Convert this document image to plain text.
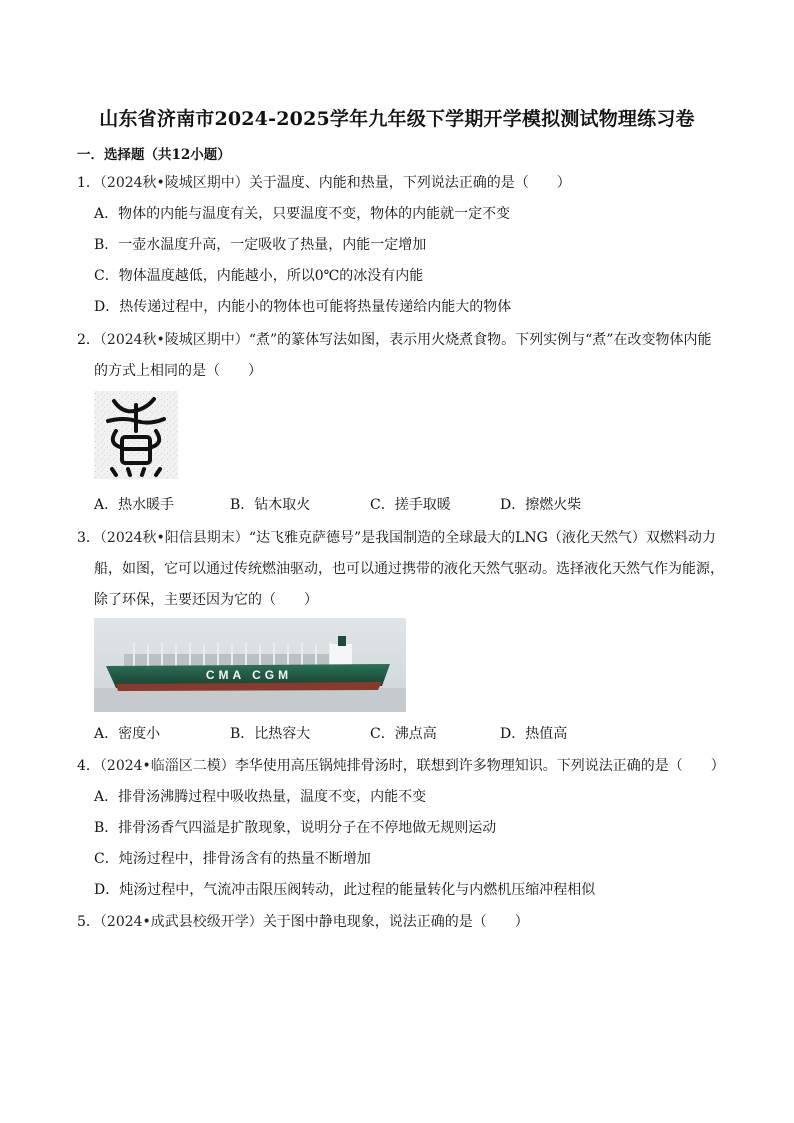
山东省济南市2024-2025学年九年级下学期开学模拟测试物理练习卷
一．选择题（共12小题）
1．（2024秋•陵城区期中）关于温度、内能和热量，下列说法正确的是（　　）
A．物体的内能与温度有关，只要温度不变，物体的内能就一定不变
B．一壶水温度升高，一定吸收了热量，内能一定增加
C．物体温度越低，内能越小，所以0℃的冰没有内能
D．热传递过程中，内能小的物体也可能将热量传递给内能大的物体
2．（2024秋•陵城区期中）“煮”的篆体写法如图，表示用火烧煮食物。下列实例与“煮”在改变物体内能
的方式上相同的是（　　）
A．热水暖手	B．钻木取火	C．搓手取暖	D．擦燃火柴
3．（2024秋•阳信县期末）“达飞雅克萨德号”是我国制造的全球最大的LNG（液化天然气）双燃料动力
船，如图，它可以通过传统燃油驱动，也可以通过携带的液化天然气驱动。选择液化天然气作为能源，
除了环保，主要还因为它的（　　）
CMA CGM
A．密度小	B．比热容大	C．沸点高	D．热值高
4．（2024•临淄区二模）李华使用高压锅炖排骨汤时，联想到许多物理知识。下列说法正确的是（　　）
A．排骨汤沸腾过程中吸收热量，温度不变，内能不变
B．排骨汤香气四溢是扩散现象，说明分子在不停地做无规则运动
C．炖汤过程中，排骨汤含有的热量不断增加
D．炖汤过程中，气流冲击限压阀转动，此过程的能量转化与内燃机压缩冲程相似
5．（2024•成武县校级开学）关于图中静电现象，说法正确的是（　　）
